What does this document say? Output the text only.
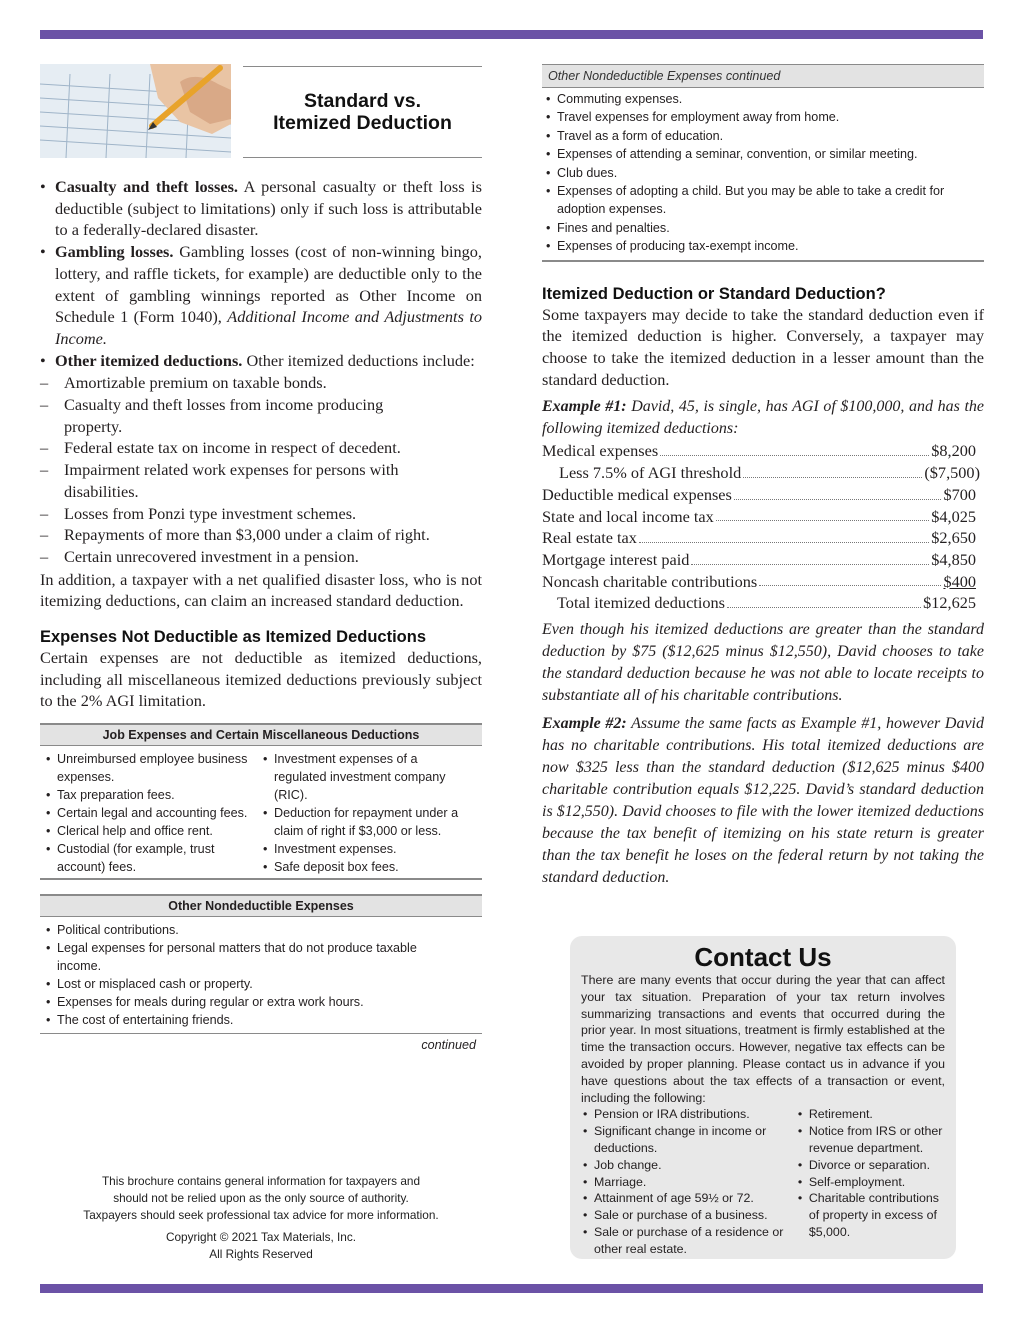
Standard vs.
Itemized Deduction
• Casualty and theft losses. A personal casualty or theft loss is deductible (subject to limitations) only if such loss is attributable to a federally-declared disaster.
• Gambling losses. Gambling losses (cost of non-winning bingo, lottery, and raffle tickets, for example) are deductible only to the extent of gambling winnings reported as Other Income on Schedule 1 (Form 1040), Additional Income and Adjustments to Income.
• Other itemized deductions. Other itemized deductions include:
– Amortizable premium on taxable bonds.
– Casualty and theft losses from income producing property.
– Federal estate tax on income in respect of decedent.
– Impairment related work expenses for persons with disabilities.
– Losses from Ponzi type investment schemes.
– Repayments of more than $3,000 under a claim of right.
– Certain unrecovered investment in a pension.

In addition, a taxpayer with a net qualified disaster loss, who is not itemizing deductions, can claim an increased standard deduction.

Expenses Not Deductible as Itemized Deductions

Certain expenses are not deductible as itemized deductions, including all miscellaneous itemized deductions previously subject to the 2% AGI limitation.

Job Expenses and Certain Miscellaneous Deductions
• Unreimbursed employee business expenses.
• Tax preparation fees.
• Certain legal and accounting fees.
• Clerical help and office rent.
• Custodial (for example, trust account) fees.
• Investment expenses of a regulated investment company (RIC).
• Deduction for repayment under a claim of right if $3,000 or less.
• Investment expenses.
• Safe deposit box fees.
Other Nondeductible Expenses
• Political contributions.
• Legal expenses for personal matters that do not produce taxable income.
• Lost or misplaced cash or property.
• Expenses for meals during regular or extra work hours.
• The cost of entertaining friends.
continued
This brochure contains general information for taxpayers and
should not be relied upon as the only source of authority.
Taxpayers should seek professional tax advice for more information.
Copyright © 2021 Tax Materials, Inc.
All Rights Reserved
Other Nondeductible Expenses continued
• Commuting expenses.
• Travel expenses for employment away from home.
• Travel as a form of education.
• Expenses of attending a seminar, convention, or similar meeting.
• Club dues.
• Expenses of adopting a child. But you may be able to take a credit for adoption expenses.
• Fines and penalties.
• Expenses of producing tax-exempt income.
Itemized Deduction or Standard Deduction?

Some taxpayers may decide to take the standard deduction even if the itemized deduction is higher. Conversely, a taxpayer may choose to take the itemized deduction in a lesser amount than the standard deduction.

Example #1: David, 45, is single, has AGI of $100,000, and has the following itemized deductions:

Medical expenses	$8,200
Less 7.5% of AGI threshold	($7,500)
Deductible medical expenses	$700
State and local income tax	$4,025
Real estate tax	$2,650
Mortgage interest paid	$4,850
Noncash charitable contributions	$400
Total itemized deductions	$12,625

Even though his itemized deductions are greater than the standard deduction by $75 ($12,625 minus $12,550), David chooses to take the standard deduction because he was not able to locate receipts to substantiate all of his charitable contributions.

Example #2: Assume the same facts as Example #1, however David has no charitable contributions. His total itemized deductions are now $325 less than the standard deduction ($12,625 minus $400 charitable contribution equals $12,225. David’s standard deduction is $12,550). David chooses to file with the lower itemized deductions because the tax benefit of itemizing on his state return is greater than the tax benefit he loses on the federal return by not taking the standard deduction.

Contact Us

There are many events that occur during the year that can affect your tax situation. Preparation of your tax return involves summarizing transactions and events that occurred during the prior year. In most situations, treatment is firmly established at the time the transaction occurs. However, negative tax effects can be avoided by proper planning. Please contact us in advance if you have questions about the tax effects of a transaction or event, including the following:

• Pension or IRA distributions.
• Significant change in income or deductions.
• Job change.
• Marriage.
• Attainment of age 59½ or 72.
• Sale or purchase of a business.
• Sale or purchase of a residence or other real estate.
• Retirement.
• Notice from IRS or other revenue department.
• Divorce or separation.
• Self-employment.
• Charitable contributions of property in excess of $5,000.
